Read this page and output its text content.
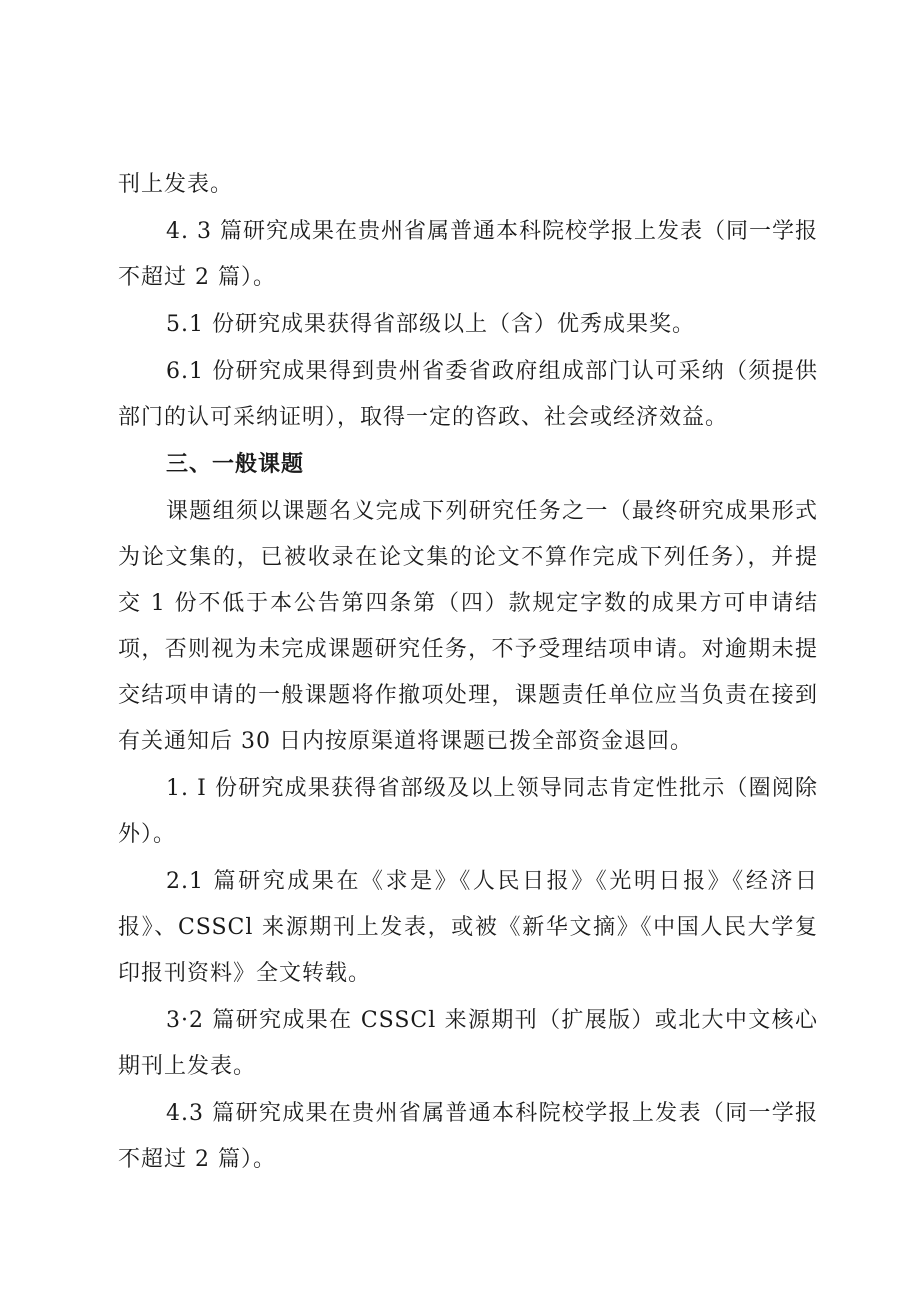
刊上发表。

4. 3 篇研究成果在贵州省属普通本科院校学报上发表（同一学报不超过 2 篇）。

5.1 份研究成果获得省部级以上（含）优秀成果奖。

6.1 份研究成果得到贵州省委省政府组成部门认可采纳（须提供部门的认可采纳证明），取得一定的咨政、社会或经济效益。

三、一般课题

课题组须以课题名义完成下列研究任务之一（最终研究成果形式为论文集的，已被收录在论文集的论文不算作完成下列任务），并提交 1 份不低于本公告第四条第（四）款规定字数的成果方可申请结项，否则视为未完成课题研究任务，不予受理结项申请。对逾期未提交结项申请的一般课题将作撤项处理，课题责任单位应当负责在接到有关通知后 30 日内按原渠道将课题已拨全部资金退回。

1. I 份研究成果获得省部级及以上领导同志肯定性批示（圈阅除外）。

2.1 篇研究成果在《求是》《人民日报》《光明日报》《经济日报》、CSSCl 来源期刊上发表，或被《新华文摘》《中国人民大学复印报刊资料》全文转载。

3·2 篇研究成果在 CSSCl 来源期刊（扩展版）或北大中文核心期刊上发表。

4.3 篇研究成果在贵州省属普通本科院校学报上发表（同一学报不超过 2 篇）。
